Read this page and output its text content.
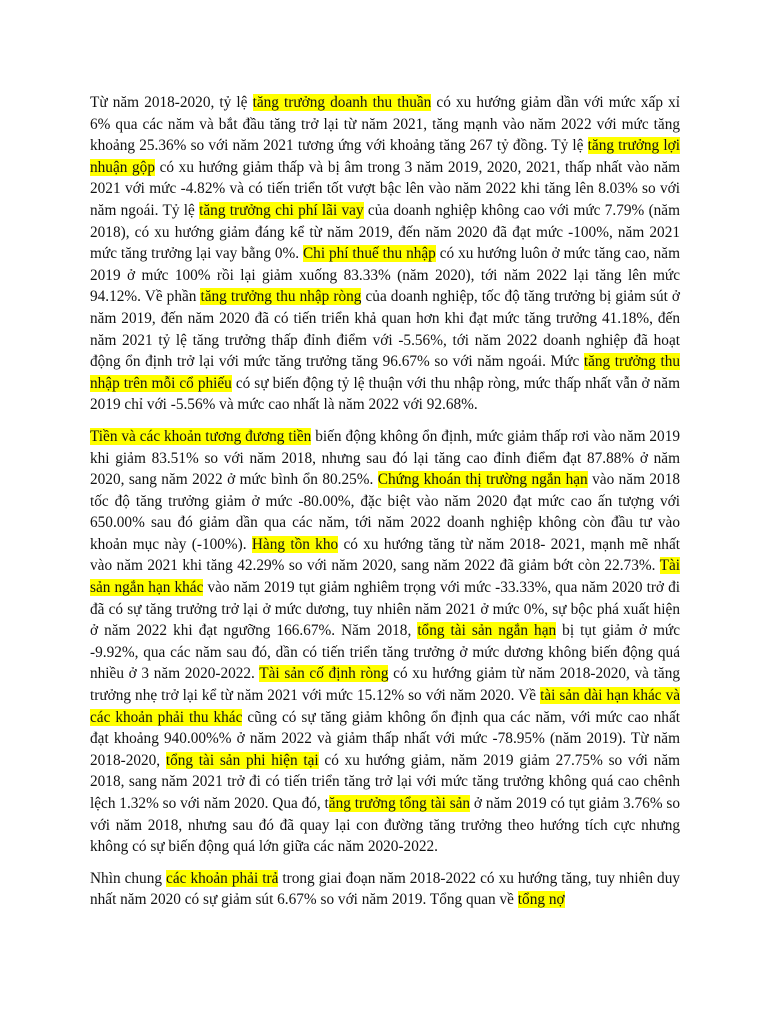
Từ năm 2018-2020, tỷ lệ tăng trưởng doanh thu thuần có xu hướng giảm dần với mức xấp xỉ 6% qua các năm và bắt đầu tăng trở lại từ năm 2021, tăng mạnh vào năm 2022 với mức tăng khoảng 25.36% so với năm 2021 tương ứng với khoảng tăng 267 tỷ đồng. Tỷ lệ tăng trưởng lợi nhuận gộp có xu hướng giảm thấp và bị âm trong 3 năm 2019, 2020, 2021, thấp nhất vào năm 2021 với mức -4.82% và có tiến triển tốt vượt bậc lên vào năm 2022 khi tăng lên 8.03% so với năm ngoái. Tỷ lệ tăng trưởng chi phí lãi vay của doanh nghiệp không cao với mức 7.79% (năm 2018), có xu hướng giảm đáng kể từ năm 2019, đến năm 2020 đã đạt mức -100%, năm 2021 mức tăng trưởng lại vay bằng 0%. Chi phí thuế thu nhập có xu hướng luôn ở mức tăng cao, năm 2019 ở mức 100% rồi lại giảm xuống 83.33% (năm 2020), tới năm 2022 lại tăng lên mức 94.12%. Về phần tăng trưởng thu nhập ròng của doanh nghiệp, tốc độ tăng trưởng bị giảm sút ở năm 2019, đến năm 2020 đã có tiến triển khả quan hơn khi đạt mức tăng trưởng 41.18%, đến năm 2021 tỷ lệ tăng trưởng thấp đỉnh điểm với -5.56%, tới năm 2022 doanh nghiệp đã hoạt động ổn định trở lại với mức tăng trưởng tăng 96.67% so với năm ngoái. Mức tăng trưởng thu nhập trên mỗi cổ phiếu có sự biến động tỷ lệ thuận với thu nhập ròng, mức thấp nhất vẫn ở năm 2019 chỉ với -5.56% và mức cao nhất là năm 2022 với 92.68%.

Tiền và các khoản tương đương tiền biến động không ổn định, mức giảm thấp rơi vào năm 2019 khi giảm 83.51% so với năm 2018, nhưng sau đó lại tăng cao đỉnh điểm đạt 87.88% ở năm 2020, sang năm 2022 ở mức bình ổn 80.25%. Chứng khoán thị trường ngắn hạn vào năm 2018 tốc độ tăng trưởng giảm ở mức -80.00%, đặc biệt vào năm 2020 đạt mức cao ấn tượng với 650.00% sau đó giảm dần qua các năm, tới năm 2022 doanh nghiệp không còn đầu tư vào khoản mục này (-100%). Hàng tồn kho có xu hướng tăng từ năm 2018- 2021, mạnh mẽ nhất vào năm 2021 khi tăng 42.29% so với năm 2020, sang năm 2022 đã giảm bớt còn 22.73%. Tài sản ngắn hạn khác vào năm 2019 tụt giảm nghiêm trọng với mức -33.33%, qua năm 2020 trở đi đã có sự tăng trưởng trở lại ở mức dương, tuy nhiên năm 2021 ở mức 0%, sự bộc phá xuất hiện ở năm 2022 khi đạt ngưỡng 166.67%. Năm 2018, tổng tài sản ngắn hạn bị tụt giảm ở mức -9.92%, qua các năm sau đó, dần có tiến triển tăng trưởng ở mức dương không biến động quá nhiều ở 3 năm 2020-2022. Tài sản cố định ròng có xu hướng giảm từ năm 2018-2020, và tăng trưởng nhẹ trở lại kể từ năm 2021 với mức 15.12% so với năm 2020. Về tài sản dài hạn khác và các khoản phải thu khác cũng có sự tăng giảm không ổn định qua các năm, với mức cao nhất đạt khoảng 940.00%% ở năm 2022 và giảm thấp nhất với mức -78.95% (năm 2019). Từ năm 2018-2020, tổng tài sản phi hiện tại có xu hướng giảm, năm 2019 giảm 27.75% so với năm 2018, sang năm 2021 trở đi có tiến triển tăng trở lại với mức tăng trưởng không quá cao chênh lệch 1.32% so với năm 2020. Qua đó, tăng trưởng tổng tài sản ở năm 2019 có tụt giảm 3.76% so với năm 2018, nhưng sau đó đã quay lại con đường tăng trưởng theo hướng tích cực nhưng không có sự biến động quá lớn giữa các năm 2020-2022.

Nhìn chung các khoản phải trả trong giai đoạn năm 2018-2022 có xu hướng tăng, tuy nhiên duy nhất năm 2020 có sự giảm sút 6.67% so với năm 2019. Tổng quan về tổng nợ
